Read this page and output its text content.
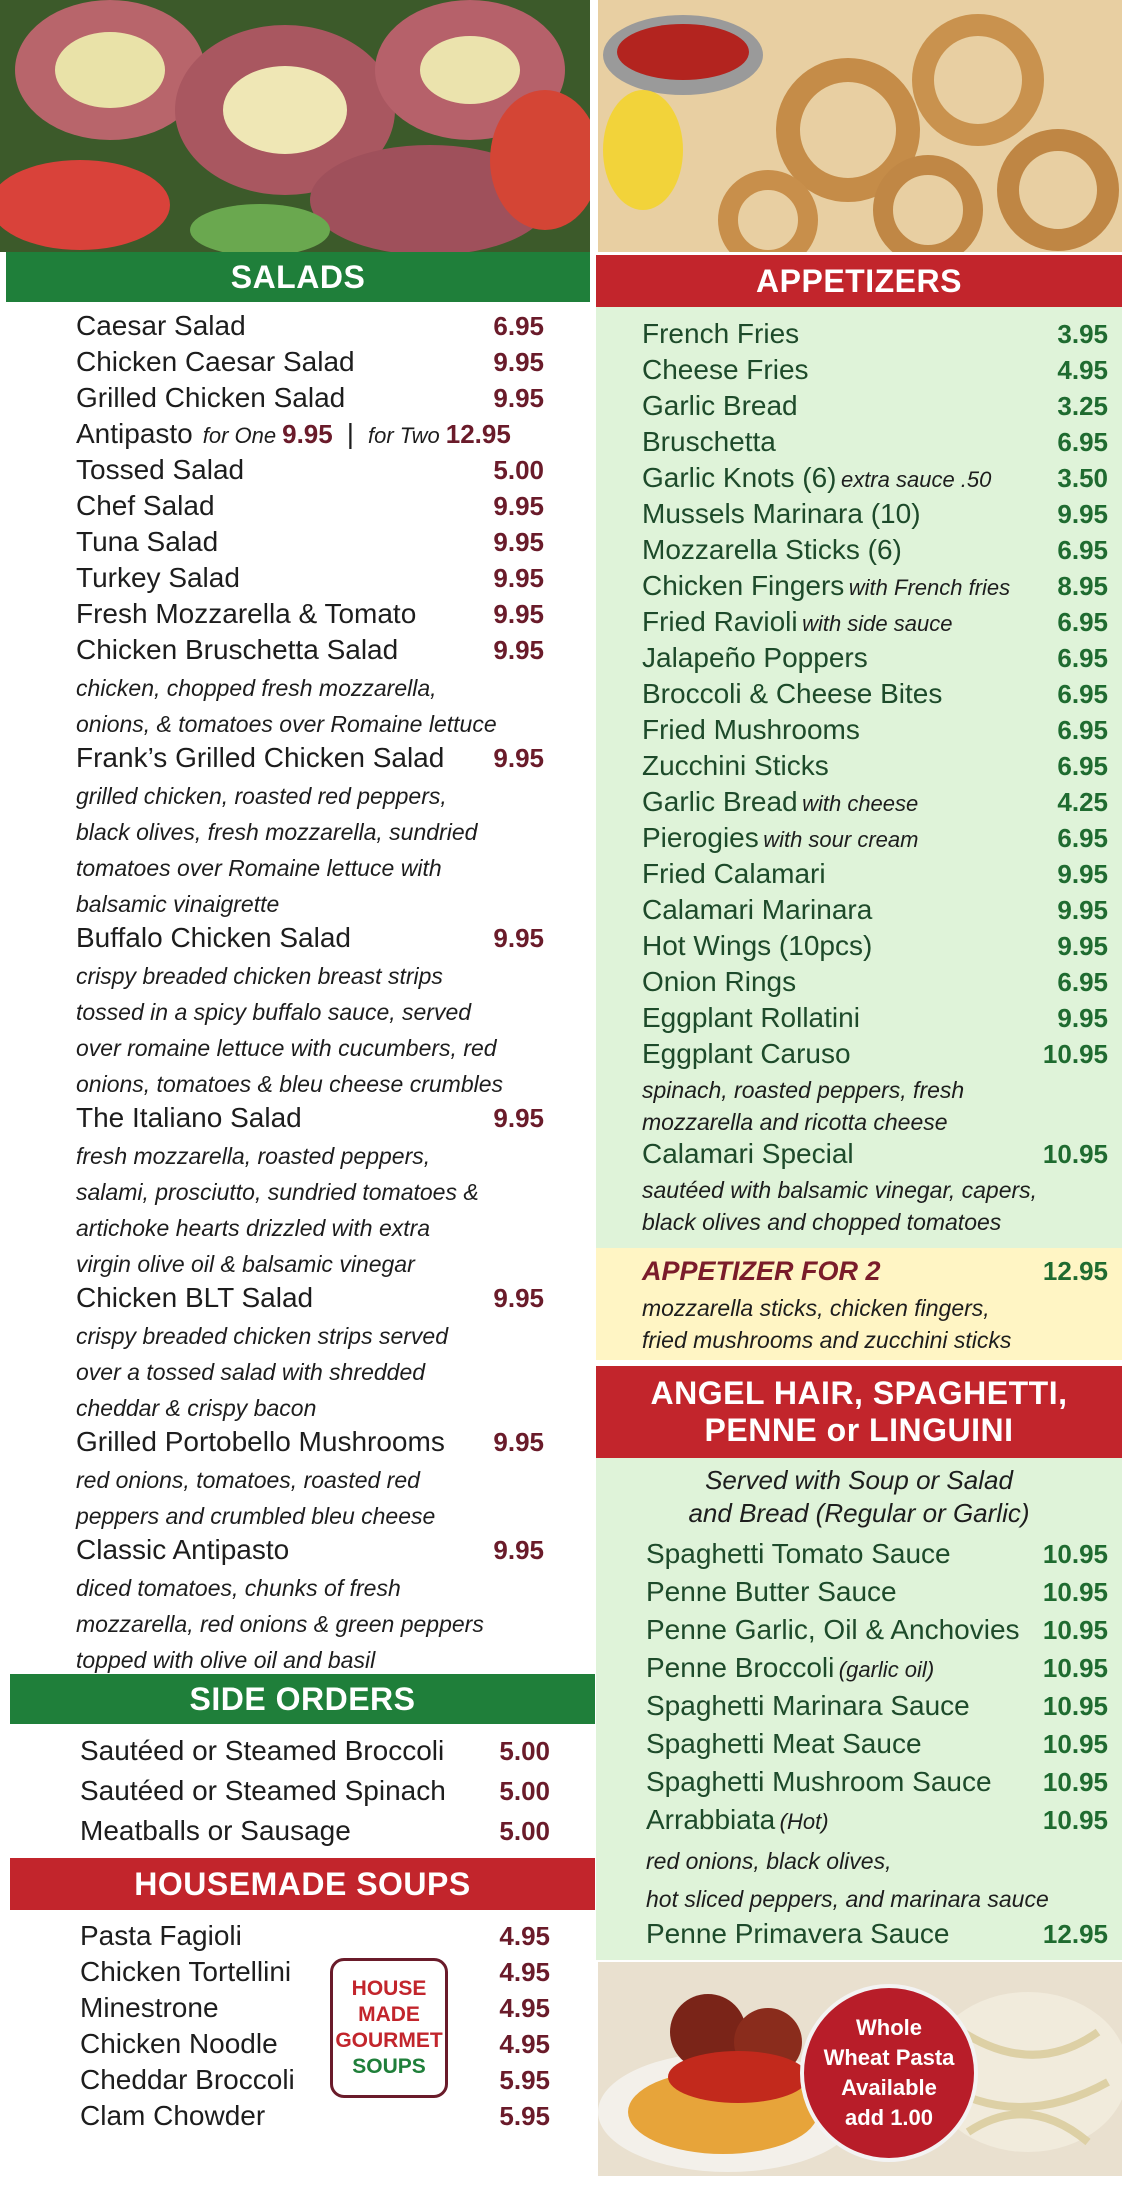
SALADS
Caesar Salad	6.95
Chicken Caesar Salad	9.95
Grilled Chicken Salad	9.95
Antipasto for One 9.95 | for Two 12.95
Tossed Salad	5.00
Chef Salad	9.95
Tuna Salad	9.95
Turkey Salad	9.95
Fresh Mozzarella & Tomato	9.95
Chicken Bruschetta Salad	9.95
chicken, chopped fresh mozzarella,
onions, & tomatoes over Romaine lettuce
Frank’s Grilled Chicken Salad 9.95
grilled chicken, roasted red peppers,
black olives, fresh mozzarella, sundried
tomatoes over Romaine lettuce with
balsamic vinaigrette
Buffalo Chicken Salad	9.95
crispy breaded chicken breast strips
tossed in a spicy buffalo sauce, served
over romaine lettuce with cucumbers, red
onions, tomatoes & bleu cheese crumbles
The Italiano Salad	9.95
fresh mozzarella, roasted peppers,
salami, prosciutto, sundried tomatoes &
artichoke hearts drizzled with extra
virgin olive oil & balsamic vinegar
Chicken BLT Salad	9.95
crispy breaded chicken strips served
over a tossed salad with shredded
cheddar & crispy bacon
Grilled Portobello Mushrooms 9.95
red onions, tomatoes, roasted red
peppers and crumbled bleu cheese
Classic Antipasto	9.95
diced tomatoes, chunks of fresh
mozzarella, red onions & green peppers
topped with olive oil and basil
SIDE ORDERS
Sautéed or Steamed Broccoli 5.00
Sautéed or Steamed Spinach 5.00
Meatballs or Sausage	5.00
HOUSEMADE SOUPS
Pasta Fagioli	4.95
Chicken Tortellini	4.95
Minestrone	4.95
Chicken Noodle	4.95
Cheddar Broccoli	5.95
Clam Chowder	5.95
HOUSE
MADE
GOURMET
SOUPS
APPETIZERS
French Fries	3.95
Cheese Fries	4.95
Garlic Bread	3.25
Bruschetta	6.95
Garlic Knots (6) extra sauce .50	3.50
Mussels Marinara (10)	9.95
Mozzarella Sticks (6)	6.95
Chicken Fingers with French fries 8.95
Fried Ravioli with side sauce	6.95
Jalapeño Poppers	6.95
Broccoli & Cheese Bites	6.95
Fried Mushrooms	6.95
Zucchini Sticks	6.95
Garlic Bread with cheese	4.25
Pierogies with sour cream	6.95
Fried Calamari	9.95
Calamari Marinara	9.95
Hot Wings (10pcs)	9.95
Onion Rings	6.95
Eggplant Rollatini	9.95
Eggplant Caruso	10.95
spinach, roasted peppers, fresh
mozzarella and ricotta cheese
Calamari Special	10.95
sautéed with balsamic vinegar, capers,
black olives and chopped tomatoes
APPETIZER FOR 2	12.95
mozzarella sticks, chicken fingers,
fried mushrooms and zucchini sticks
ANGEL HAIR, SPAGHETTI,
PENNE or LINGUINI
Served with Soup or Salad
and Bread (Regular or Garlic)
Spaghetti Tomato Sauce	10.95
Penne Butter Sauce	10.95
Penne Garlic, Oil & Anchovies 10.95
Penne Broccoli (garlic oil)	10.95
Spaghetti Marinara Sauce	10.95
Spaghetti Meat Sauce	10.95
Spaghetti Mushroom Sauce 10.95
Arrabbiata (Hot)	10.95
red onions, black olives,
hot sliced peppers, and marinara sauce
Penne Primavera Sauce	12.95
Whole
Wheat Pasta
Available
add 1.00
